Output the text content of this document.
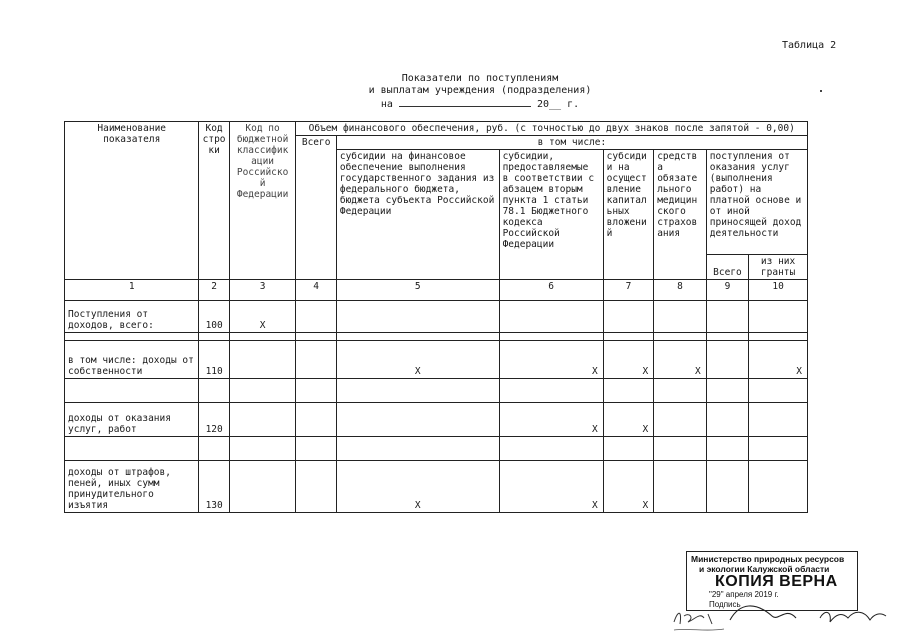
Таблица 2
Показатели по поступлениям
и выплатам учреждения (подразделения)
на	20__ г.
Наименование показателя	Код стро ки	Код по бюджетной классифик ации Российско й Федерации	Объем финансового обеспечения, руб. (с точностью до двух знаков после запятой - 0,00)						
			Всего	в том числе:					
				субсидии на финансовое обеспечение выполнения государственного задания из федерального бюджета, бюджета субъекта Российской Федерации	субсидии, предоставляемые в соответствии с абзацем вторым пункта 1 статьи 78.1 Бюджетного кодекса Российской Федерации	субсиди и на осущест вление капитал ьных вложени й	средств а обязате льного медицин ского страхов ания	поступления от оказания услуг (выполнения работ) на платной основе и от иной приносящей доход деятельности	
								Всего	из них гранты
1	2	3	4	5	6	7	8	9	10
Поступления от доходов, всего:	100	X							

в том числе: доходы от собственности	110			X	X	X	X		X

доходы от оказания услуг, работ	120				X	X			

доходы от штрафов, пеней, иных сумм принудительного изъятия	130			X	X	X			
Министерство природных ресурсов
и экологии Калужской области
КОПИЯ ВЕРНА
"29" апреля 2019 г.
Подпись
